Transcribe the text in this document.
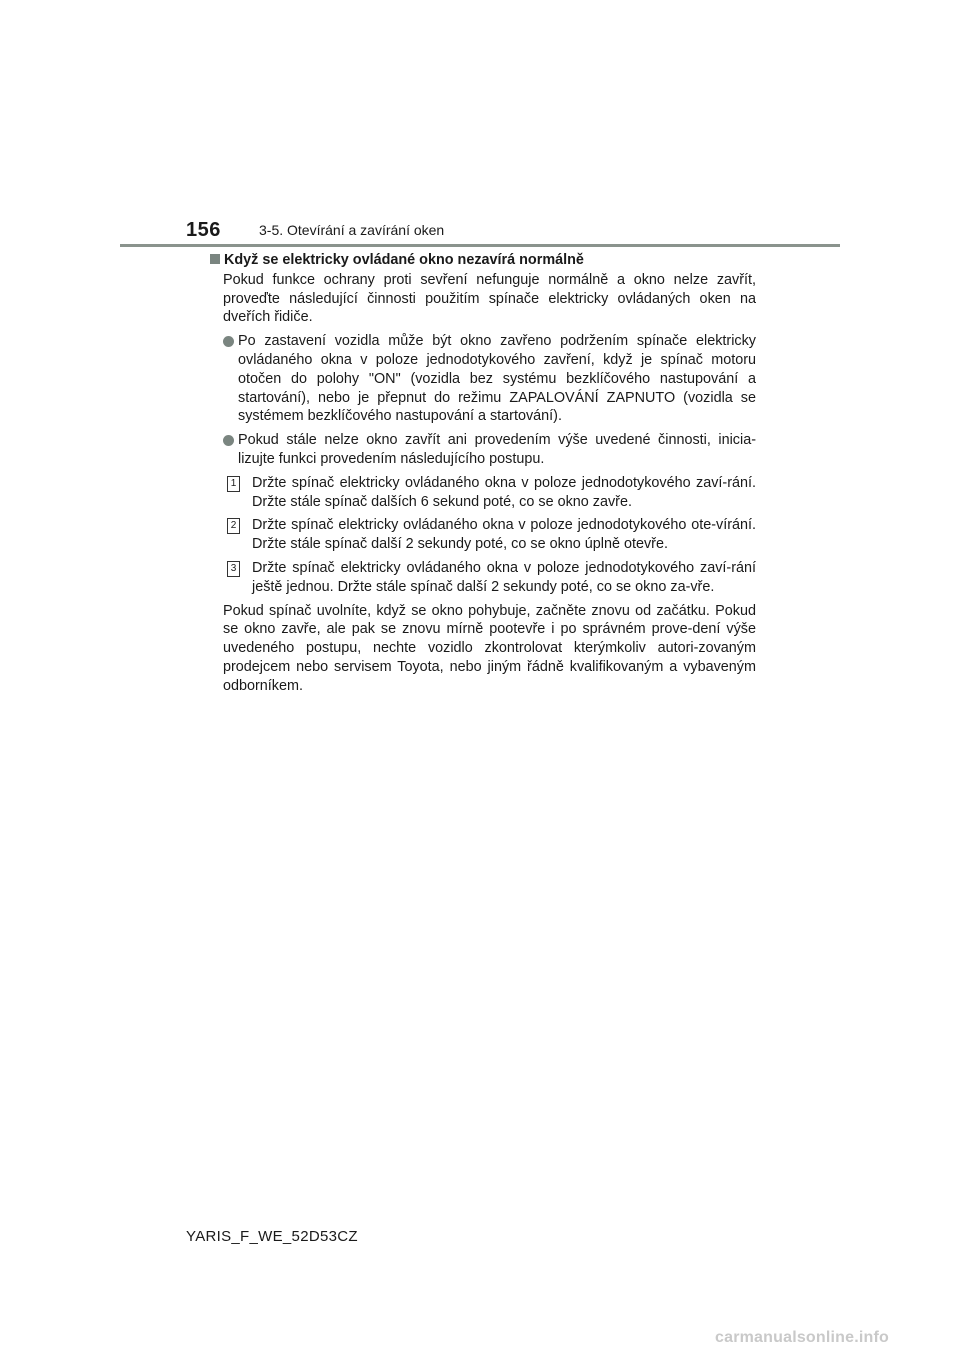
156	3-5. Otevírání a zavírání oken
Když se elektricky ovládané okno nezavírá normálně
Pokud funkce ochrany proti sevření nefunguje normálně a okno nelze zavřít, proveďte následující činnosti použitím spínače elektricky ovládaných oken na dveřích řidiče.
Po zastavení vozidla může být okno zavřeno podržením spínače elektricky ovládaného okna v poloze jednodotykového zavření, když je spínač motoru otočen do polohy "ON" (vozidla bez systému bezklíčového nastupování a startování), nebo je přepnut do režimu ZAPALOVÁNÍ ZAPNUTO (vozidla se systémem bezklíčového nastupování a startování).
Pokud stále nelze okno zavřít ani provedením výše uvedené činnosti, inicia-lizujte funkci provedením následujícího postupu.
1 Držte spínač elektricky ovládaného okna v poloze jednodotykového zaví-rání. Držte stále spínač dalších 6 sekund poté, co se okno zavře.
2 Držte spínač elektricky ovládaného okna v poloze jednodotykového ote-vírání. Držte stále spínač další 2 sekundy poté, co se okno úplně otevře.
3 Držte spínač elektricky ovládaného okna v poloze jednodotykového zaví-rání ještě jednou. Držte stále spínač další 2 sekundy poté, co se okno za-vře.
Pokud spínač uvolníte, když se okno pohybuje, začněte znovu od začátku. Pokud se okno zavře, ale pak se znovu mírně pootevře i po správném prove-dení výše uvedeného postupu, nechte vozidlo zkontrolovat kterýmkoliv autori-zovaným prodejcem nebo servisem Toyota, nebo jiným řádně kvalifikovaným a vybaveným odborníkem.
YARIS_F_WE_52D53CZ
carmanualsonline.info
